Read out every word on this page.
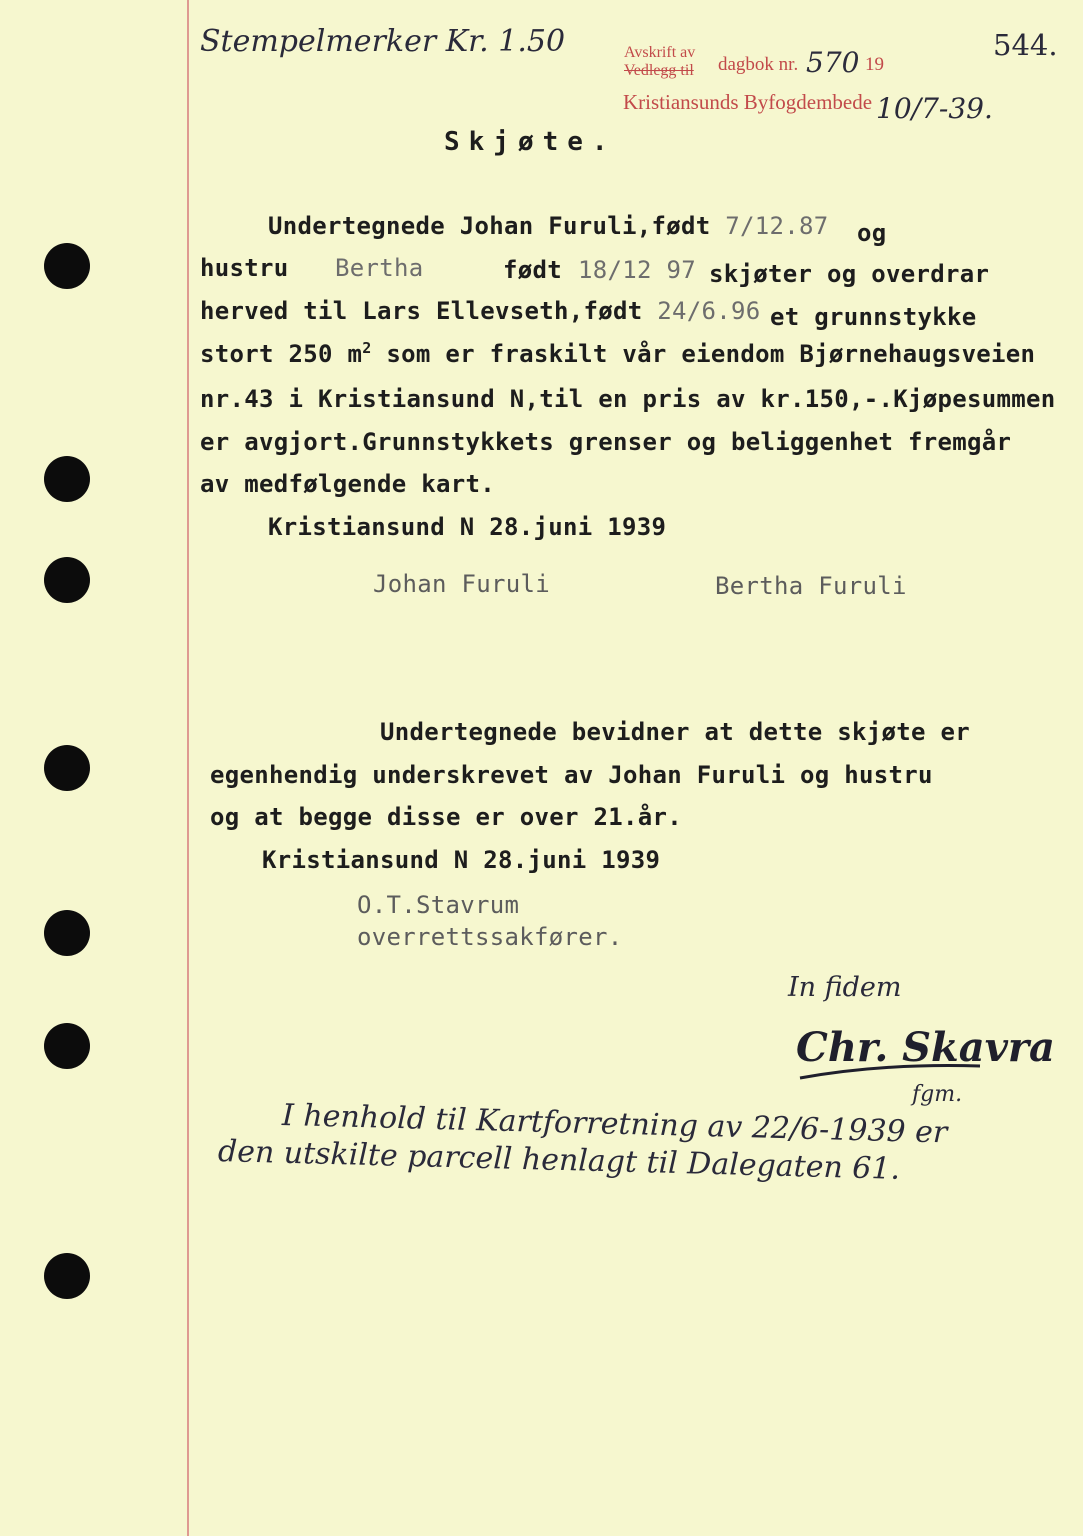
Stempelmerker Kr. 1.50	544.
Avskrift av
Vedlegg til dagbok nr. 570 19
Kristiansunds Byfogdembede 10/7-39.
Skjøte.
Undertegnede Johan Furuli,født 7/12.87 og
hustru Bertha	født 18/12 97 skjøter og overdrar
herved til Lars Ellevseth,født 24/6.96 et grunnstykke
stort 250 $m^2$ som er fraskilt vår eiendom Bjørnehaugsveien
nr.43 i Kristiansund N,til en pris av kr.150,-.Kjøpesummen
er avgjort.Grunnstykkets grenser og beliggenhet fremgår
av medfølgende kart.
Kristiansund N 28.juni 1939
Johan Furuli	Bertha Furuli
Undertegnede bevidner at dette skjøte er
egenhendig underskrevet av Johan Furuli og hustru
og at begge disse er over 21.år.
Kristiansund N 28.juni 1939
O.T.Stavrum
overrettssakfører.
In fidem
Chr. Skavra
fgm.
I henhold til Kartforretning av 22/6-1939 er
den utskilte parcell henlagt til Dalegaten 61.
